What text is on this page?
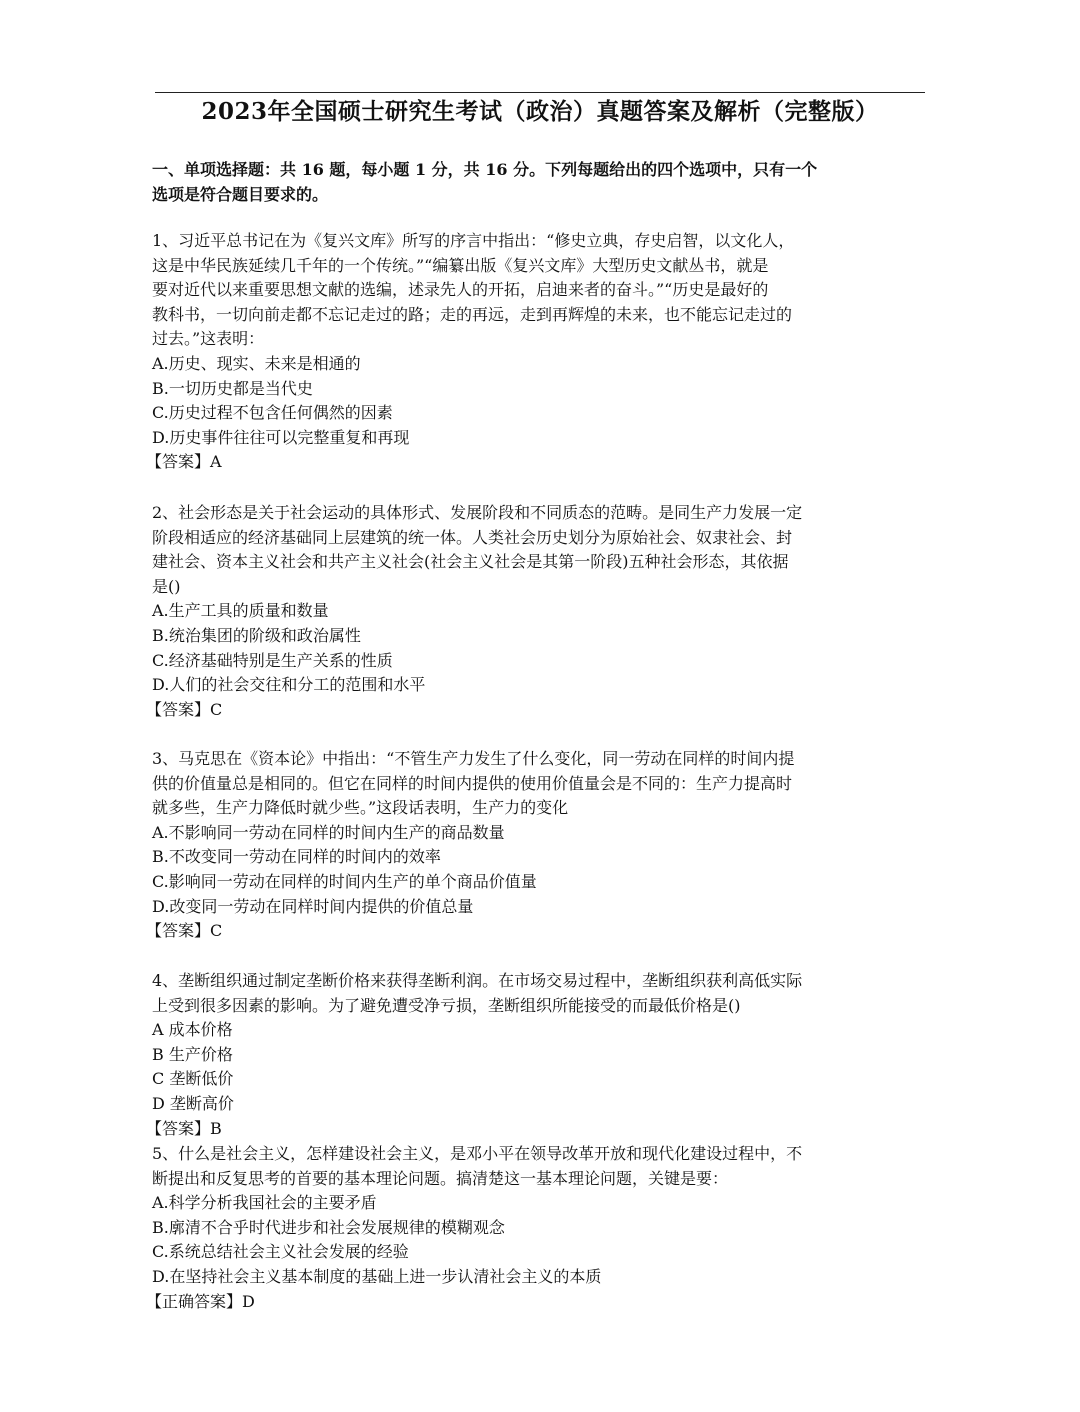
2023年全国硕士研究生考试（政治）真题答案及解析（完整版）
一、单项选择题：共 16 题，每小题 1 分，共 16 分。下列每题给出的四个选项中，只有一个
选项是符合题目要求的。
1、习近平总书记在为《复兴文库》所写的序言中指出：“修史立典，存史启智，以文化人，
这是中华民族延续几千年的一个传统。”“编纂出版《复兴文库》大型历史文献丛书，就是
要对近代以来重要思想文献的选编，述录先人的开拓，启迪来者的奋斗。”“历史是最好的
教科书，一切向前走都不忘记走过的路；走的再远，走到再辉煌的未来，也不能忘记走过的
过去。”这表明：
A.历史、现实、未来是相通的
B.一切历史都是当代史
C.历史过程不包含任何偶然的因素
D.历史事件往往可以完整重复和再现
【答案】A
2、社会形态是关于社会运动的具体形式、发展阶段和不同质态的范畴。是同生产力发展一定
阶段相适应的经济基础同上层建筑的统一体。人类社会历史划分为原始社会、奴隶社会、封
建社会、资本主义社会和共产主义社会(社会主义社会是其第一阶段)五种社会形态，其依据
是()
A.生产工具的质量和数量
B.统治集团的阶级和政治属性
C.经济基础特别是生产关系的性质
D.人们的社会交往和分工的范围和水平
【答案】C
3、马克思在《资本论》中指出：“不管生产力发生了什么变化，同一劳动在同样的时间内提
供的价值量总是相同的。但它在同样的时间内提供的使用价值量会是不同的：生产力提高时
就多些，生产力降低时就少些。”这段话表明，生产力的变化
A.不影响同一劳动在同样的时间内生产的商品数量
B.不改变同一劳动在同样的时间内的效率
C.影响同一劳动在同样的时间内生产的单个商品价值量
D.改变同一劳动在同样时间内提供的价值总量
【答案】C
4、垄断组织通过制定垄断价格来获得垄断利润。在市场交易过程中，垄断组织获利高低实际
上受到很多因素的影响。为了避免遭受净亏损，垄断组织所能接受的而最低价格是()
A 成本价格
B 生产价格
C 垄断低价
D 垄断高价
【答案】B
5、什么是社会主义，怎样建设社会主义，是邓小平在领导改革开放和现代化建设过程中，不
断提出和反复思考的首要的基本理论问题。搞清楚这一基本理论问题，关键是要：
A.科学分析我国社会的主要矛盾
B.廓清不合乎时代进步和社会发展规律的模糊观念
C.系统总结社会主义社会发展的经验
D.在坚持社会主义基本制度的基础上进一步认清社会主义的本质
【正确答案】D
